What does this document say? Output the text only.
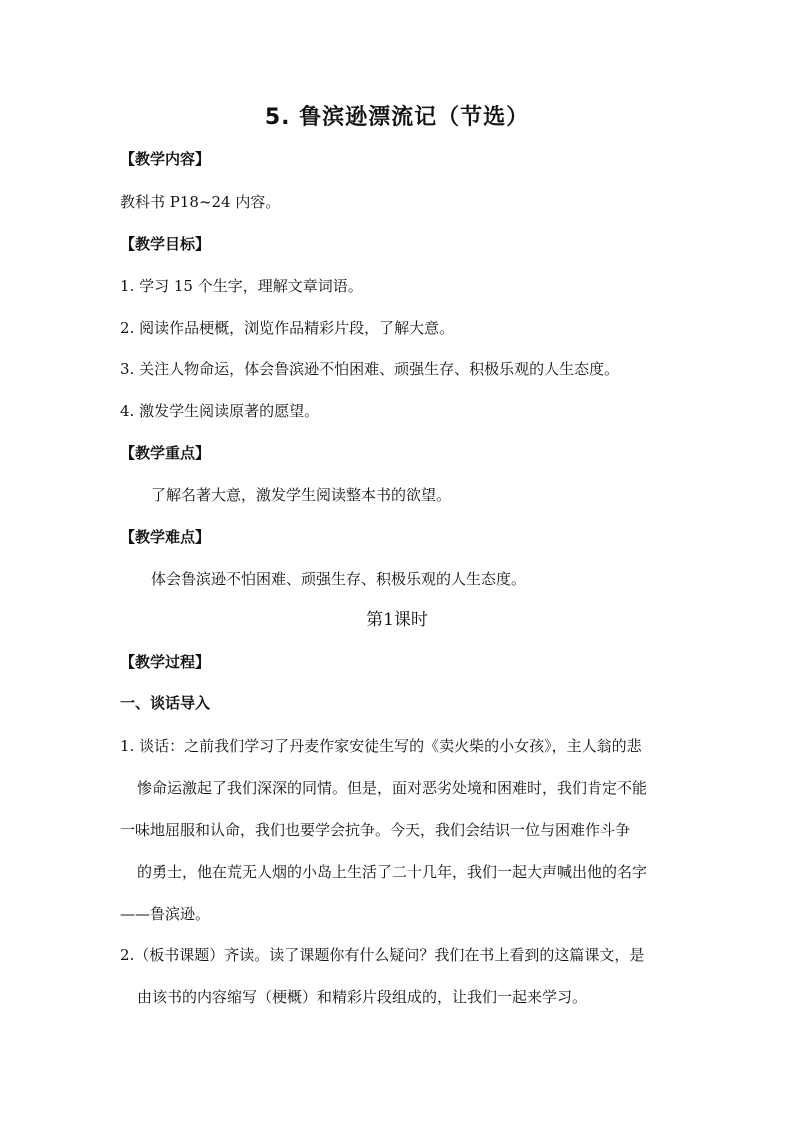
5. 鲁滨逊漂流记（节选）
【教学内容】
教科书 P18~24 内容。
【教学目标】
1. 学习 15 个生字，理解文章词语。
2. 阅读作品梗概，浏览作品精彩片段，了解大意。
3. 关注人物命运，体会鲁滨逊不怕困难、顽强生存、积极乐观的人生态度。
4. 激发学生阅读原著的愿望。
【教学重点】
了解名著大意，激发学生阅读整本书的欲望。
【教学难点】
体会鲁滨逊不怕困难、顽强生存、积极乐观的人生态度。
第1课时
【教学过程】
一、谈话导入
1. 谈话：之前我们学习了丹麦作家安徒生写的《卖火柴的小女孩》，主人翁的悲
惨命运激起了我们深深的同情。但是，面对恶劣处境和困难时，我们肯定不能
一味地屈服和认命，我们也要学会抗争。今天，我们会结识一位与困难作斗争
的勇士，他在荒无人烟的小岛上生活了二十几年，我们一起大声喊出他的名字
——鲁滨逊。
2.（板书课题）齐读。读了课题你有什么疑问？我们在书上看到的这篇课文，是
由该书的内容缩写（梗概）和精彩片段组成的，让我们一起来学习。
